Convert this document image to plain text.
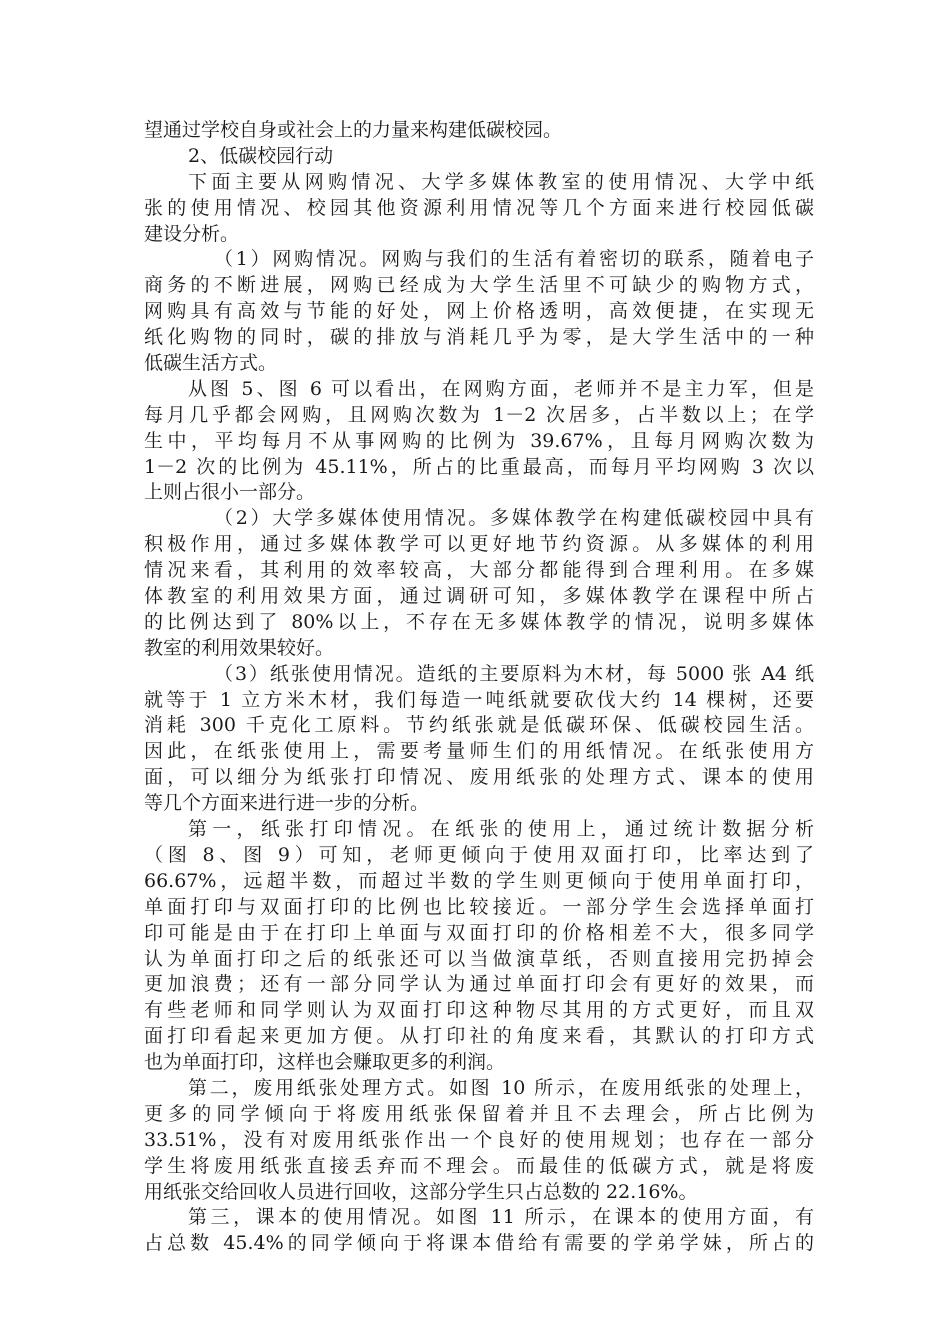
望通过学校自身或社会上的力量来构建低碳校园。
2、低碳校园行动
下面主要从网购情况、大学多媒体教室的使用情况、大学中纸
张的使用情况、校园其他资源利用情况等几个方面来进行校园低碳
建设分析。
（1）网购情况。网购与我们的生活有着密切的联系，随着电子
商务的不断进展，网购已经成为大学生活里不可缺少的购物方式，
网购具有高效与节能的好处，网上价格透明，高效便捷，在实现无
纸化购物的同时，碳的排放与消耗几乎为零，是大学生活中的一种
低碳生活方式。
从图 5、图 6 可以看出，在网购方面，老师并不是主力军，但是
每月几乎都会网购，且网购次数为 1－2 次居多，占半数以上；在学
生中，平均每月不从事网购的比例为 39.67%，且每月网购次数为
1－2 次的比例为 45.11%，所占的比重最高，而每月平均网购 3 次以
上则占很小一部分。
（2）大学多媒体使用情况。多媒体教学在构建低碳校园中具有
积极作用，通过多媒体教学可以更好地节约资源。从多媒体的利用
情况来看，其利用的效率较高，大部分都能得到合理利用。在多媒
体教室的利用效果方面，通过调研可知，多媒体教学在课程中所占
的比例达到了 80%以上，不存在无多媒体教学的情况，说明多媒体
教室的利用效果较好。
（3）纸张使用情况。造纸的主要原料为木材，每 5000 张 A4 纸
就等于 1 立方米木材，我们每造一吨纸就要砍伐大约 14 棵树，还要
消耗 300 千克化工原料。节约纸张就是低碳环保、低碳校园生活。
因此，在纸张使用上，需要考量师生们的用纸情况。在纸张使用方
面，可以细分为纸张打印情况、废用纸张的处理方式、课本的使用
等几个方面来进行进一步的分析。
第一，纸张打印情况。在纸张的使用上，通过统计数据分析
（图 8、图 9）可知，老师更倾向于使用双面打印，比率达到了
66.67%，远超半数，而超过半数的学生则更倾向于使用单面打印，
单面打印与双面打印的比例也比较接近。一部分学生会选择单面打
印可能是由于在打印上单面与双面打印的价格相差不大，很多同学
认为单面打印之后的纸张还可以当做演草纸，否则直接用完扔掉会
更加浪费；还有一部分同学认为通过单面打印会有更好的效果，而
有些老师和同学则认为双面打印这种物尽其用的方式更好，而且双
面打印看起来更加方便。从打印社的角度来看，其默认的打印方式
也为单面打印，这样也会赚取更多的利润。
第二，废用纸张处理方式。如图 10 所示，在废用纸张的处理上，
更多的同学倾向于将废用纸张保留着并且不去理会，所占比例为
33.51%，没有对废用纸张作出一个良好的使用规划；也存在一部分
学生将废用纸张直接丢弃而不理会。而最佳的低碳方式，就是将废
用纸张交给回收人员进行回收，这部分学生只占总数的 22.16%。
第三，课本的使用情况。如图 11 所示，在课本的使用方面，有
占总数 45.4%的同学倾向于将课本借给有需要的学弟学妹，所占的
